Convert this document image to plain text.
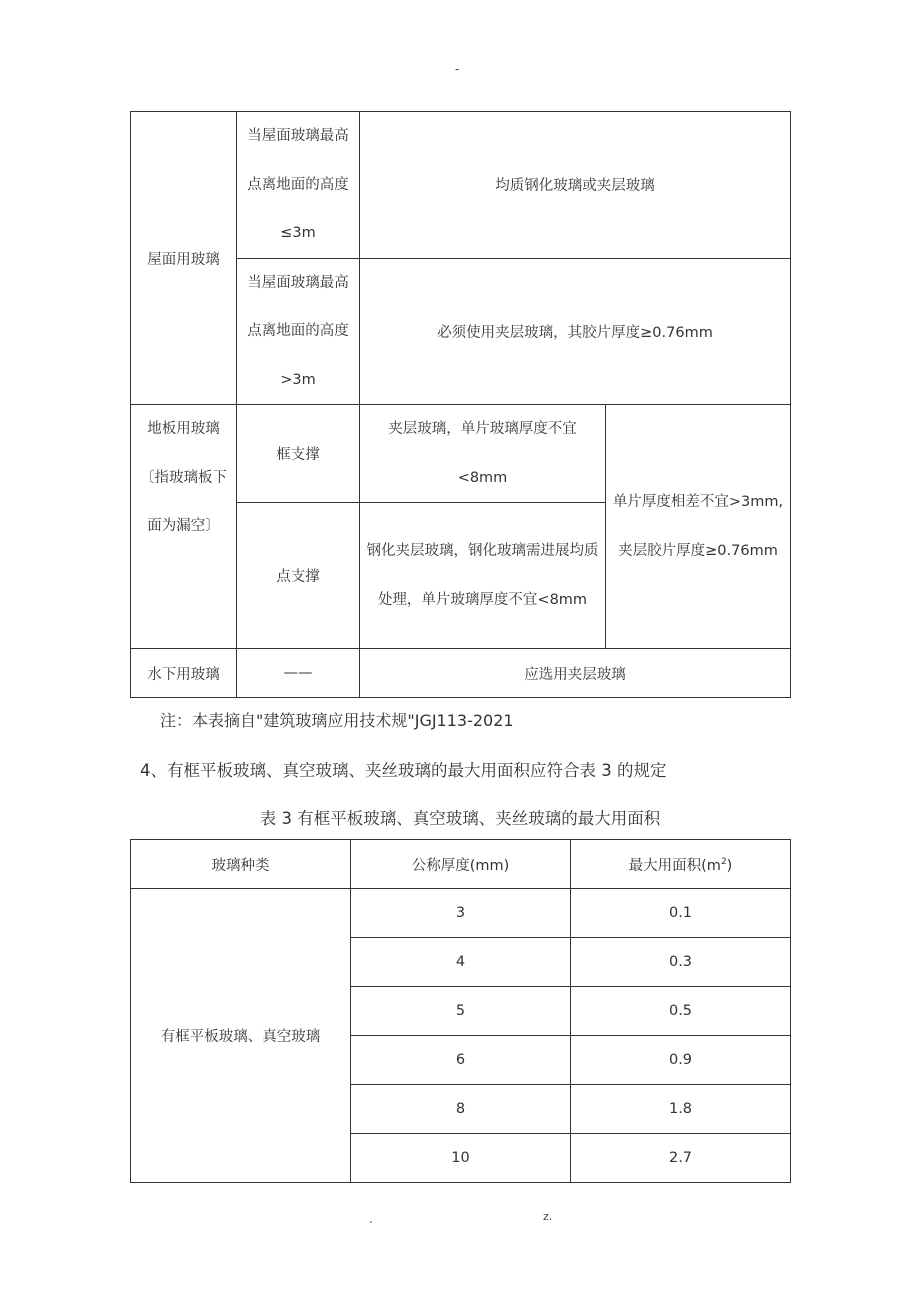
-
屋面用玻璃	当屋面玻璃最高点离地面的高度≤3m	均质钢化玻璃或夹层玻璃	
	当屋面玻璃最高点离地面的高度>3m	必须使用夹层玻璃，其胶片厚度≥0.76mm	
地板用玻璃〔指玻璃板下面为漏空〕	框支撑	夹层玻璃，单片玻璃厚度不宜<8mm	单片厚度相差不宜>3mm,夹层胶片厚度≥0.76mm
	点支撑	钢化夹层玻璃，钢化玻璃需进展均质处理，单片玻璃厚度不宜<8mm	
水下用玻璃	——	应选用夹层玻璃	
注：本表摘自"建筑玻璃应用技术规"JGJ113-2021
4、有框平板玻璃、真空玻璃、夹丝玻璃的最大用面积应符合表 3 的规定
表 3 有框平板玻璃、真空玻璃、夹丝玻璃的最大用面积
玻璃种类	公称厚度(mm)	最大用面积$(m^2)$
有框平板玻璃、真空玻璃	3	0.1
	4	0.3
	5	0.5
	6	0.9
	8	1.8
	10	2.7
.	z.
